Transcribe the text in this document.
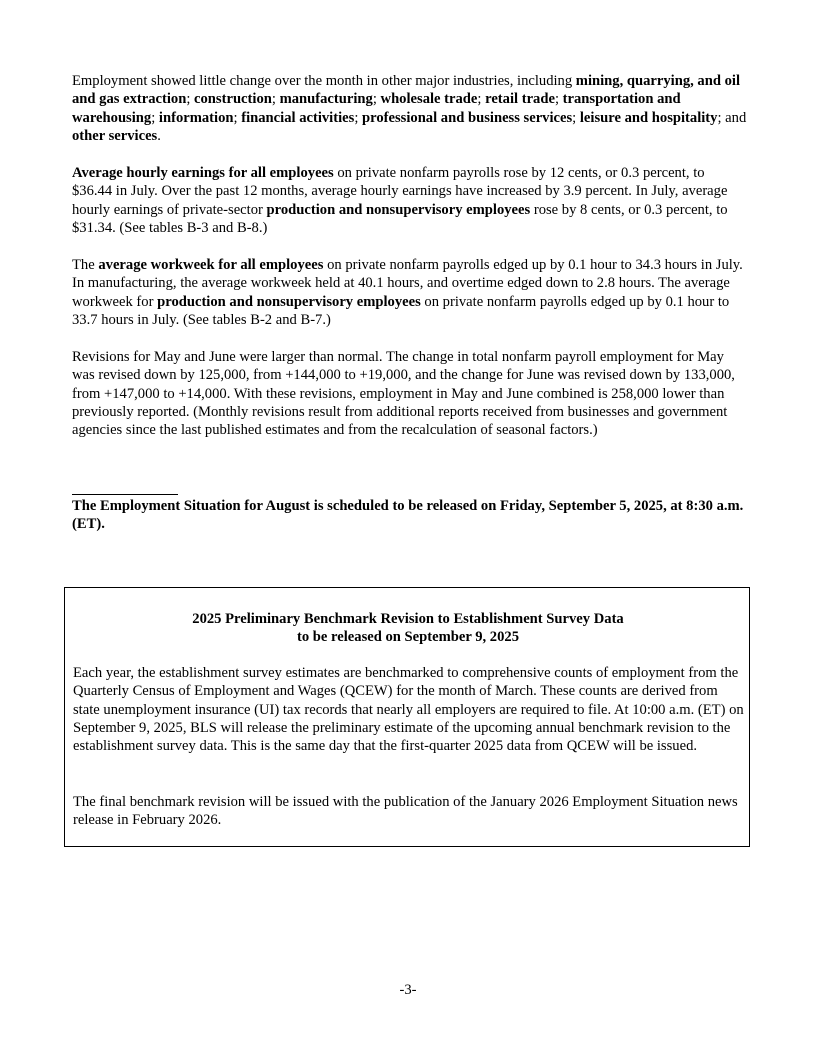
Employment showed little change over the month in other major industries, including mining, quarrying, and oil and gas extraction; construction; manufacturing; wholesale trade; retail trade; transportation and warehousing; information; financial activities; professional and business services; leisure and hospitality; and other services.

Average hourly earnings for all employees on private nonfarm payrolls rose by 12 cents, or 0.3 percent, to $36.44 in July. Over the past 12 months, average hourly earnings have increased by 3.9 percent. In July, average hourly earnings of private-sector production and nonsupervisory employees rose by 8 cents, or 0.3 percent, to $31.34. (See tables B-3 and B-8.)

The average workweek for all employees on private nonfarm payrolls edged up by 0.1 hour to 34.3 hours in July. In manufacturing, the average workweek held at 40.1 hours, and overtime edged down to 2.8 hours. The average workweek for production and nonsupervisory employees on private nonfarm payrolls edged up by 0.1 hour to 33.7 hours in July. (See tables B-2 and B-7.)

Revisions for May and June were larger than normal. The change in total nonfarm payroll employment for May was revised down by 125,000, from +144,000 to +19,000, and the change for June was revised down by 133,000, from +147,000 to +14,000. With these revisions, employment in May and June combined is 258,000 lower than previously reported. (Monthly revisions result from additional reports received from businesses and government agencies since the last published estimates and from the recalculation of seasonal factors.)

The Employment Situation for August is scheduled to be released on Friday, September 5, 2025, at 8:30 a.m. (ET).

2025 Preliminary Benchmark Revision to Establishment Survey Data
to be released on September 9, 2025

Each year, the establishment survey estimates are benchmarked to comprehensive counts of employment from the Quarterly Census of Employment and Wages (QCEW) for the month of March. These counts are derived from state unemployment insurance (UI) tax records that nearly all employers are required to file. At 10:00 a.m. (ET) on September 9, 2025, BLS will release the preliminary estimate of the upcoming annual benchmark revision to the establishment survey data. This is the same day that the first-quarter 2025 data from QCEW will be issued.

The final benchmark revision will be issued with the publication of the January 2026 Employment Situation news release in February 2026.

-3-
